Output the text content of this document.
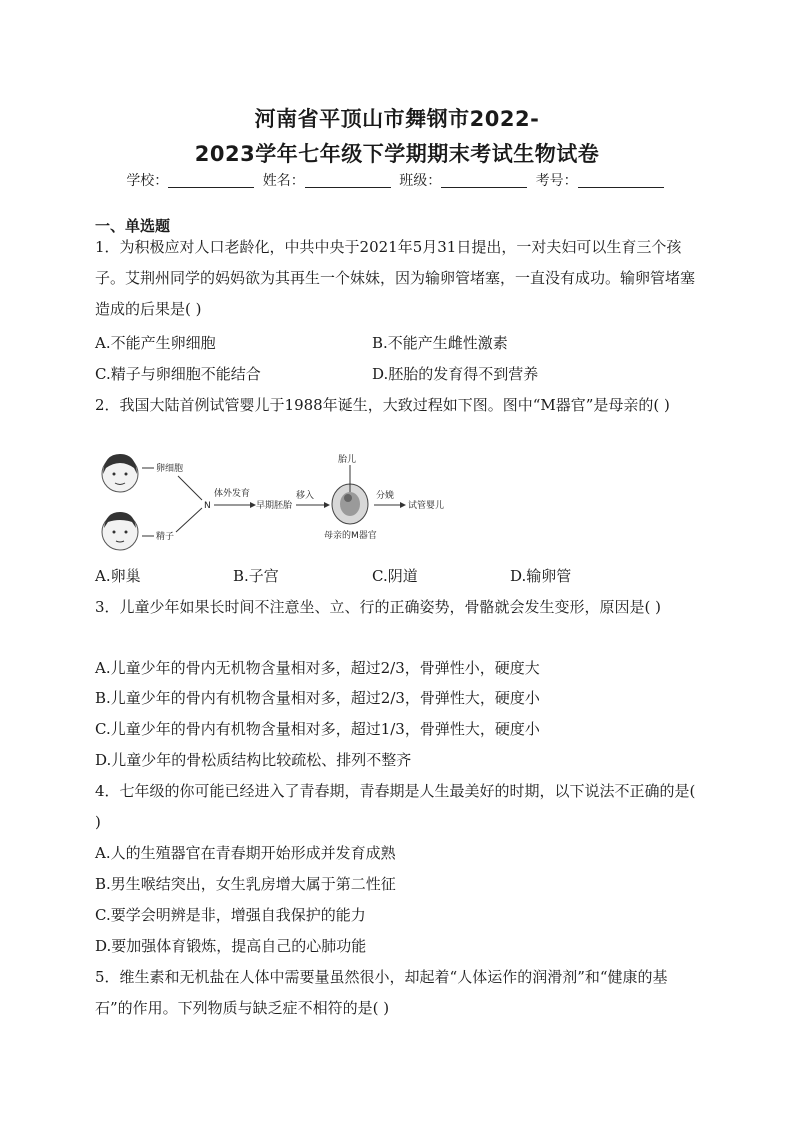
河南省平顶山市舞钢市2022-
2023学年七年级下学期期末考试生物试卷
学校：	姓名：	班级：	考号：
一、单选题
1．为积极应对人口老龄化，中共中央于2021年5月31日提出，一对夫妇可以生育三个孩子。艾荆州同学的妈妈欲为其再生一个妹妹，因为输卵管堵塞，一直没有成功。输卵管堵塞造成的后果是( )
A.不能产生卵细胞	B.不能产生雌性激素
C.精子与卵细胞不能结合	D.胚胎的发育得不到营养
2．我国大陆首例试管婴儿于1988年诞生，大致过程如下图。图中“M器官”是母亲的( )
卵细胞
精子
N
体外发育
早期胚胎
移入
胎儿
母亲的M器官
分娩
试管婴儿
A.卵巢	B.子宫	C.阴道	D.输卵管
3．儿童少年如果长时间不注意坐、立、行的正确姿势，骨骼就会发生变形，原因是( )
A.儿童少年的骨内无机物含量相对多，超过2/3，骨弹性小，硬度大
B.儿童少年的骨内有机物含量相对多，超过2/3，骨弹性大，硬度小
C.儿童少年的骨内有机物含量相对多，超过1/3，骨弹性大，硬度小
D.儿童少年的骨松质结构比较疏松、排列不整齐
4．七年级的你可能已经进入了青春期，青春期是人生最美好的时期，以下说法不正确的是( )
A.人的生殖器官在青春期开始形成并发育成熟
B.男生喉结突出，女生乳房增大属于第二性征
C.要学会明辨是非，增强自我保护的能力
D.要加强体育锻炼，提高自己的心肺功能
5．维生素和无机盐在人体中需要量虽然很小，却起着“人体运作的润滑剂”和“健康的基石”的作用。下列物质与缺乏症不相符的是( )
